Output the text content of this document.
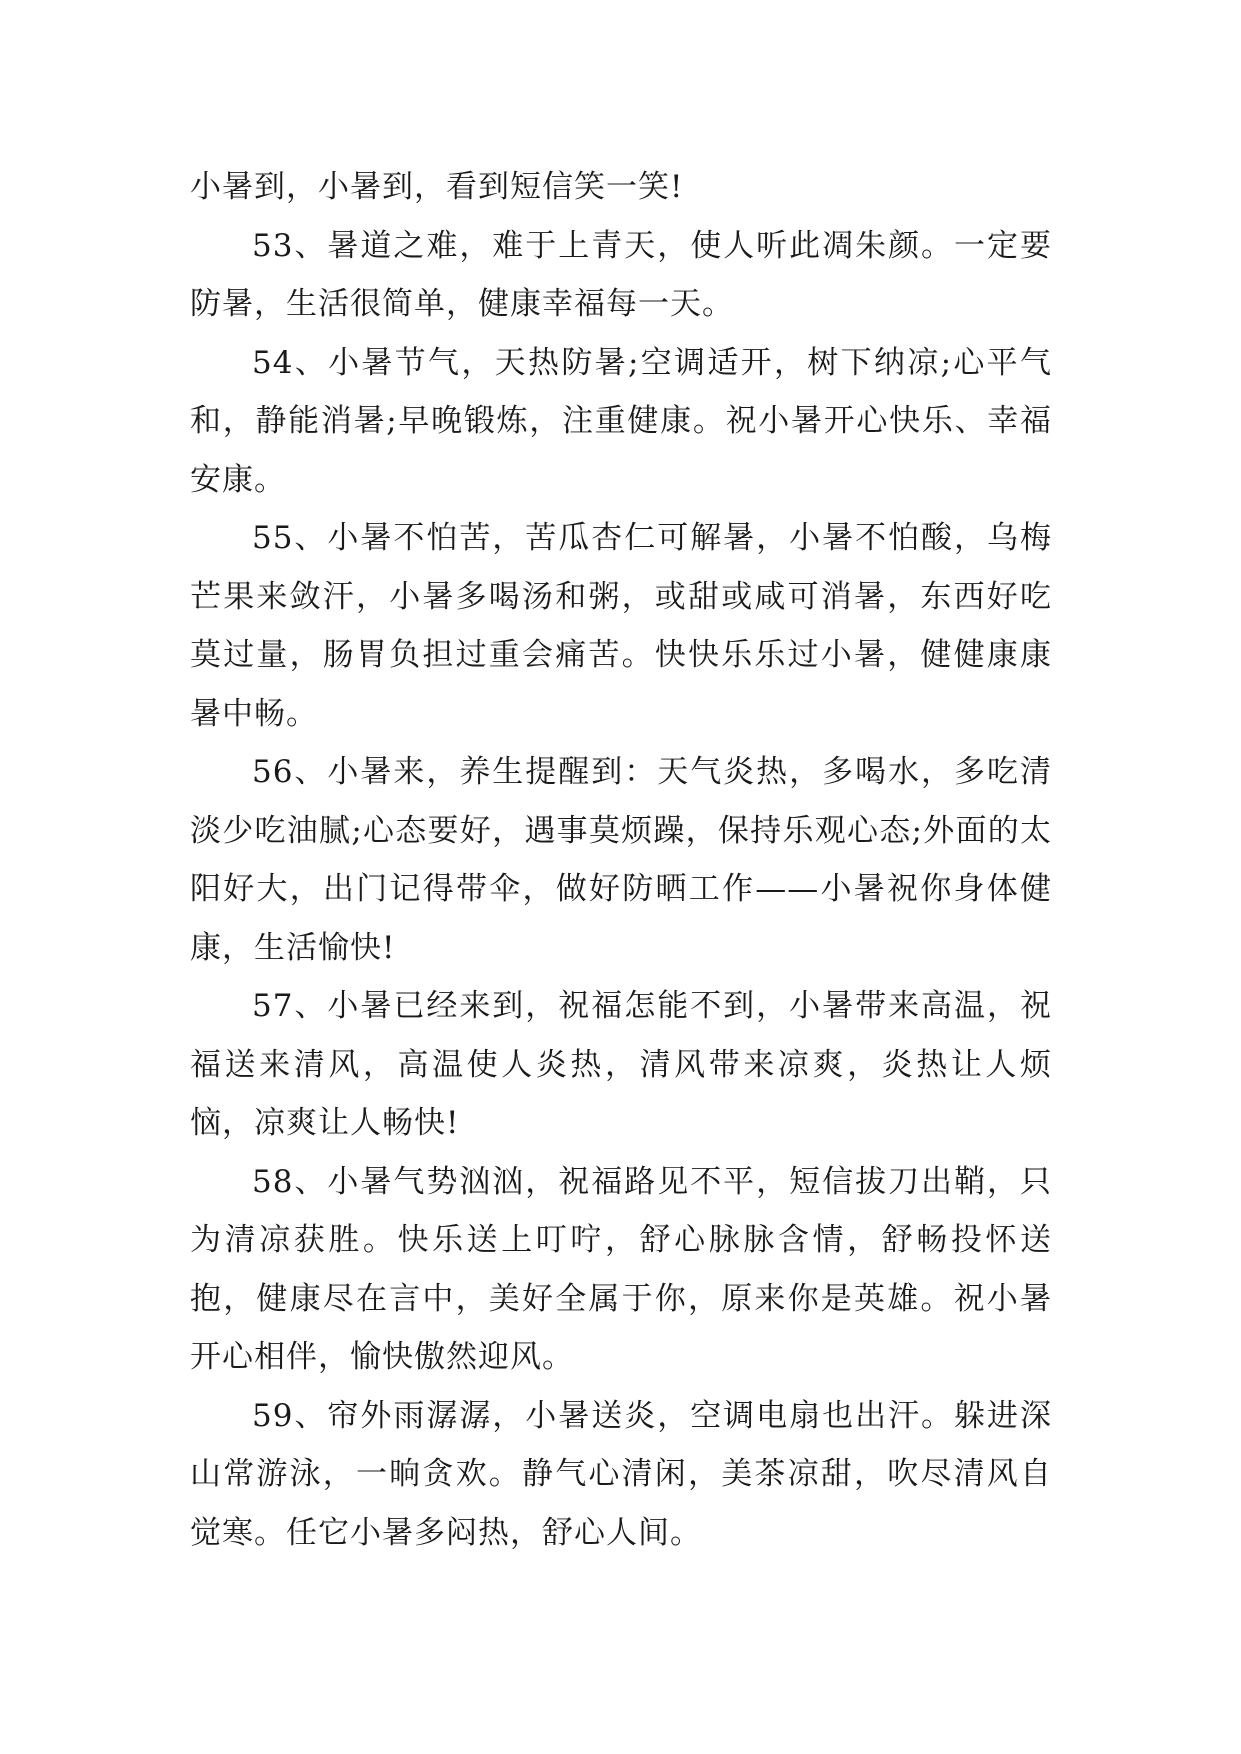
小暑到，小暑到，看到短信笑一笑!

53、暑道之难，难于上青天，使人听此凋朱颜。一定要防暑，生活很简单，健康幸福每一天。

54、小暑节气，天热防暑;空调适开，树下纳凉;心平气和，静能消暑;早晚锻炼，注重健康。祝小暑开心快乐、幸福安康。

55、小暑不怕苦，苦瓜杏仁可解暑，小暑不怕酸，乌梅芒果来敛汗，小暑多喝汤和粥，或甜或咸可消暑，东西好吃莫过量，肠胃负担过重会痛苦。快快乐乐过小暑，健健康康暑中畅。

56、小暑来，养生提醒到：天气炎热，多喝水，多吃清淡少吃油腻;心态要好，遇事莫烦躁，保持乐观心态;外面的太阳好大，出门记得带伞，做好防晒工作——小暑祝你身体健康，生活愉快!

57、小暑已经来到，祝福怎能不到，小暑带来高温，祝福送来清风，高温使人炎热，清风带来凉爽，炎热让人烦恼，凉爽让人畅快!

58、小暑气势汹汹，祝福路见不平，短信拔刀出鞘，只为清凉获胜。快乐送上叮咛，舒心脉脉含情，舒畅投怀送抱，健康尽在言中，美好全属于你，原来你是英雄。祝小暑开心相伴，愉快傲然迎风。

59、帘外雨潺潺，小暑送炎，空调电扇也出汗。躲进深山常游泳，一晌贪欢。静气心清闲，美茶凉甜，吹尽清风自觉寒。任它小暑多闷热，舒心人间。
